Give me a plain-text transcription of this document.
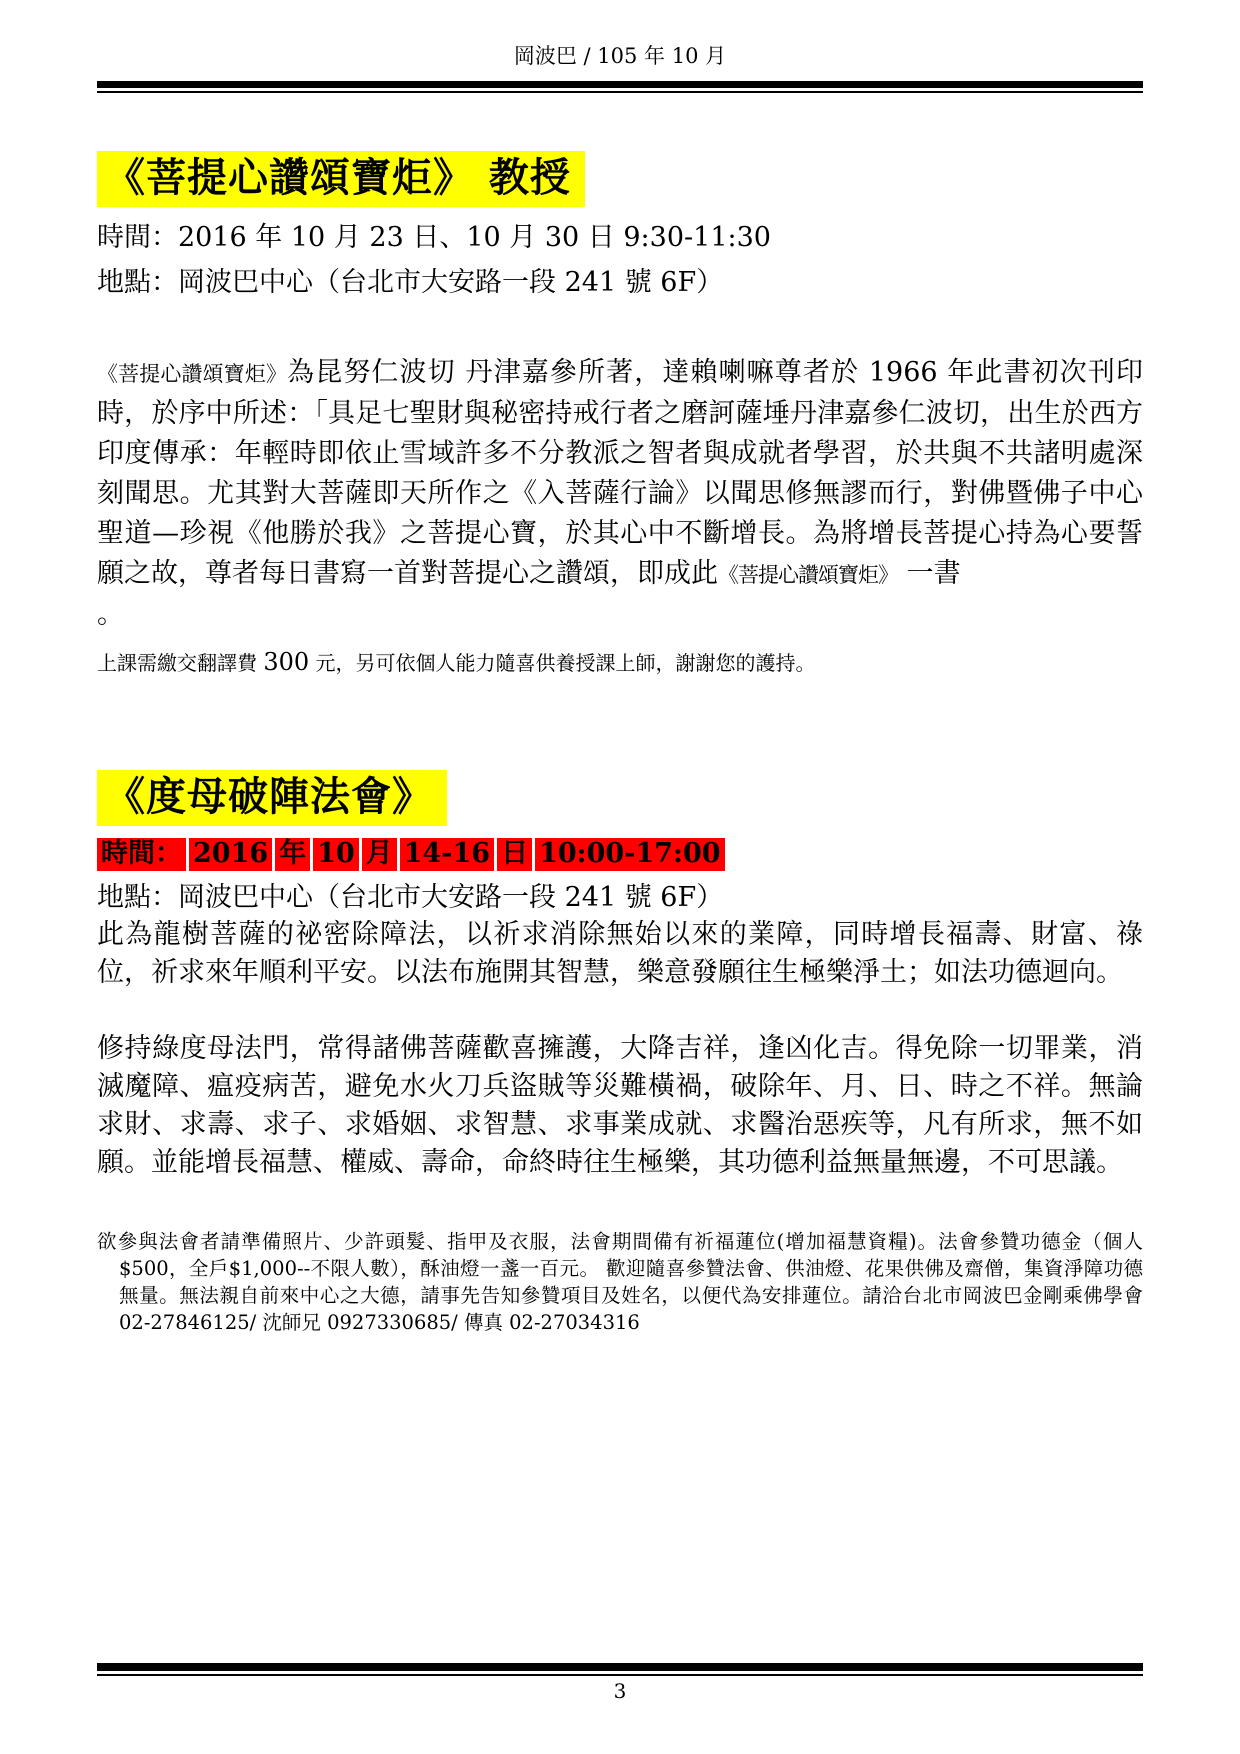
岡波巴 / 105 年 10 月
《菩提心讚頌寶炬》 教授
時間：2016 年 10 月 23 日、10 月 30 日 9:30-11:30
地點：岡波巴中心（台北市大安路一段 241 號 6F）
《菩提心讚頌寶炬》為昆努仁波切 丹津嘉參所著，達賴喇嘛尊者於 1966 年此書初次刊印時，於序中所述：「具足七聖財與秘密持戒行者之磨訶薩埵丹津嘉參仁波切，出生於西方印度傳承：年輕時即依止雪域許多不分教派之智者與成就者學習，於共與不共諸明處深刻聞思。尤其對大菩薩即天所作之《入菩薩行論》以聞思修無謬而行，對佛暨佛子中心聖道—珍視《他勝於我》之菩提心寶，於其心中不斷增長。為將增長菩提心持為心要誓願之故，尊者每日書寫一首對菩提心之讚頌，即成此《菩提心讚頌寶炬》 一書
。
上課需繳交翻譯費 300 元，另可依個人能力隨喜供養授課上師，謝謝您的護持。
《度母破陣法會》
時間： 2016 年 10 月 14-16 日 10:00-17:00
地點：岡波巴中心（台北市大安路一段 241 號 6F）
此為龍樹菩薩的祕密除障法，以祈求消除無始以來的業障，同時增長福壽、財富、祿位，祈求來年順利平安。以法布施開其智慧，樂意發願往生極樂淨土；如法功德迴向。
修持綠度母法門，常得諸佛菩薩歡喜擁護，大降吉祥，逢凶化吉。得免除一切罪業，消滅魔障、瘟疫病苦，避免水火刀兵盜賊等災難橫禍，破除年、月、日、時之不祥。無論求財、求壽、求子、求婚姻、求智慧、求事業成就、求醫治惡疾等，凡有所求，無不如願。並能增長福慧、權威、壽命，命終時往生極樂，其功德利益無量無邊，不可思議。
欲參與法會者請準備照片、少許頭髮、指甲及衣服，法會期間備有祈福蓮位(增加福慧資糧)。法會參贊功德金（個人$500，全戶$1,000--不限人數），酥油燈一盞一百元。 歡迎隨喜參贊法會、供油燈、花果供佛及齋僧，集資淨障功德無量。無法親自前來中心之大德，請事先告知參贊項目及姓名，以便代為安排蓮位。請洽台北市岡波巴金剛乘佛學會 02-27846125/ 沈師兄 0927330685/ 傳真 02-27034316
3
